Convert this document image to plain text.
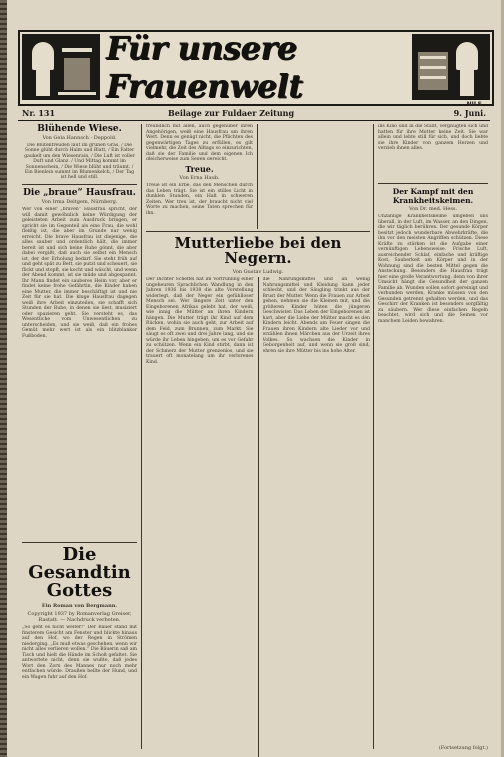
Für unsere Frauenwelt	NILS
Nr. 131	Beilage zur Fuldaer Zeitung	9. Juni.
Blühende Wiese.
Von Gela Hannsch - Deppold.
Die Blütenfreuden laut im grünen Gras, / Die Sonne glüht durch Halm und Blatt, / Ein Falter gaukelt um den Wiesenrain, / Die Luft ist voller Duft und Glanz. / Und Mittag kommt im Sonnenschein, / Die Wiese blüht und träumt. / Ein Bienlein summt im Blumenkelch, / Der Tag ist hell und still.
Die „braue“ Hausfrau.
Von Irma Deltgem, Nürnberg.
Wer von einer „braven“ Hausfrau spricht, der will damit gewöhnlich keine Würdigung der geleisteten Arbeit zum Ausdruck bringen, er spricht sie im Gegenteil als eine Frau, die wohl fleißig ist, die aber im Grunde nur wenig erreicht. Die brave Hausfrau ist diejenige, die alles sauber und ordentlich hält, die immer bereit ist und sich keine Ruhe gönnt, die aber dabei vergißt, daß auch sie selbst ein Mensch ist, der der Erholung bedarf. Sie steht früh auf und geht spät zu Bett, sie putzt und scheuert, sie flickt und stopft, sie kocht und wäscht, und wenn der Abend kommt, ist sie müde und abgespannt. Ihr Mann findet ein sauberes Heim vor, aber er findet keine frohe Gefährtin, die Kinder haben eine Mutter, die immer beschäftigt ist und nie Zeit für sie hat. Die kluge Hausfrau dagegen weiß ihre Arbeit einzuteilen, sie schafft sich Stunden der Ruhe, in denen sie liest, musiziert oder spazieren geht. Sie versteht es, das Wesentliche vom Unwesentlichen zu unterscheiden, und sie weiß, daß ein frohes Gemüt mehr wert ist als ein blitzblanker Fußboden.
Die Gesandtin Gottes
Ein Roman von Bergmann.
Copyright 1937 by Romanverlag Greiser, Rastatt. — Nachdruck verboten.
„So geht es nicht weiter!“ Der Bauer stand mit finsterem Gesicht am Fenster und blickte hinaus auf den Hof, wo der Regen in Strömen niederging. „Es muß etwas geschehen, wenn wir nicht alles verlieren wollen.“ Die Bäuerin saß am Tisch und hielt die Hände im Schoß gefaltet. Sie antwortete nicht, denn sie wußte, daß jedes Wort den Zorn des Mannes nur noch mehr entfachen würde. Draußen bellte der Hund, und ein Wagen fuhr auf den Hof.
freundlich mit allen, auch gegenüber ihren Angehörigen, weiß eine Hausfrau um ihren Wert. Denn es genügt nicht, die Pflichten des gegenwärtigen Tages zu erfüllen, es gilt vielmehr, die Zeit des Alltags so einzurichten, daß sie der Familie und dem eigenen Ich gleicherweise zum Segen gereicht.
Treue.
Von Erna Haub.
Treue ist ein Erbe, das den Menschen durch das Leben trägt. Sie ist ein stilles Licht in dunklen Stunden, ein Halt in schweren Zeiten. Wer treu ist, der braucht nicht viel Worte zu machen, seine Taten sprechen für ihn.
ins Kino und in die Stadt, vergnügten sich und hatten für ihre Mutter keine Zeit. Sie war allein und lebte still für sich, und doch liebte sie ihre Kinder von ganzem Herzen und verzieh ihnen alles.
Der Kampf mit den Krankheitskeimen.
Von Dr. med. Hess.
Unzählige Krankheitskeime umgeben uns überall, in der Luft, im Wasser, an den Dingen, die wir täglich berühren. Der gesunde Körper besitzt jedoch wunderbare Abwehrkräfte, die ihn vor den meisten Angriffen schützen. Diese Kräfte zu stärken ist die Aufgabe einer vernünftigen Lebensweise. Frische Luft, ausreichender Schlaf, einfache und kräftige Kost, Sauberkeit am Körper und in der Wohnung sind die besten Mittel gegen die Ansteckung. Besonders die Hausfrau trägt hier eine große Verantwortung, denn von ihrer Umsicht hängt die Gesundheit der ganzen Familie ab. Wunden sollen sofort gereinigt und verbunden werden, Kranke müssen von den Gesunden getrennt gehalten werden, und das Geschirr der Kranken ist besonders sorgfältig zu säubern. Wer diese einfachen Regeln beachtet, wird sich und die Seinen vor manchem Leiden bewahren.
(Fortsetzung folgt.)
Mutterliebe bei den Negern.
Von Gustav Ludwig.
Der Dichter Scheffel hat im Vorfrühling einer ungeheuren Sprachlichen Wandlung in den Jahren 1936 bis 1938 die alte Vorstellung widerlegt, daß der Neger ein gefühlloser Mensch sei. Wer längere Zeit unter den Eingeborenen Afrikas gelebt hat, der weiß, wie innig die Mütter an ihren Kindern hängen. Die Mutter trägt ihr Kind auf dem Rücken, wohin sie auch geht, zur Arbeit auf dem Feld, zum Brunnen, zum Markt. Sie säugt es oft zwei und drei Jahre lang, und sie würde ihr Leben hingeben, um es vor Gefahr zu schützen. Wenn ein Kind stirbt, dann ist der Schmerz der Mutter grenzenlos, und sie trauert oft monatelang um ihr verlorenes Kind.
die Nahrungsmittel und an wenig Nahrungsmittel und Kleidung kann jeder schlecht, und der Säugling trinkt aus der Brust der Mutter. Wenn die Frauen zur Arbeit gehen, nehmen sie die Kleinen mit, und die größeren Kinder hüten die jüngeren Geschwister. Das Leben der Eingeborenen ist hart, aber die Liebe der Mütter macht es den Kindern leicht. Abends am Feuer singen die Frauen ihren Kindern alte Lieder vor und erzählen ihnen Märchen aus der Urzeit ihres Volkes. So wachsen die Kinder in Geborgenheit auf, und wenn sie groß sind, ehren sie ihre Mütter bis ins hohe Alter.
